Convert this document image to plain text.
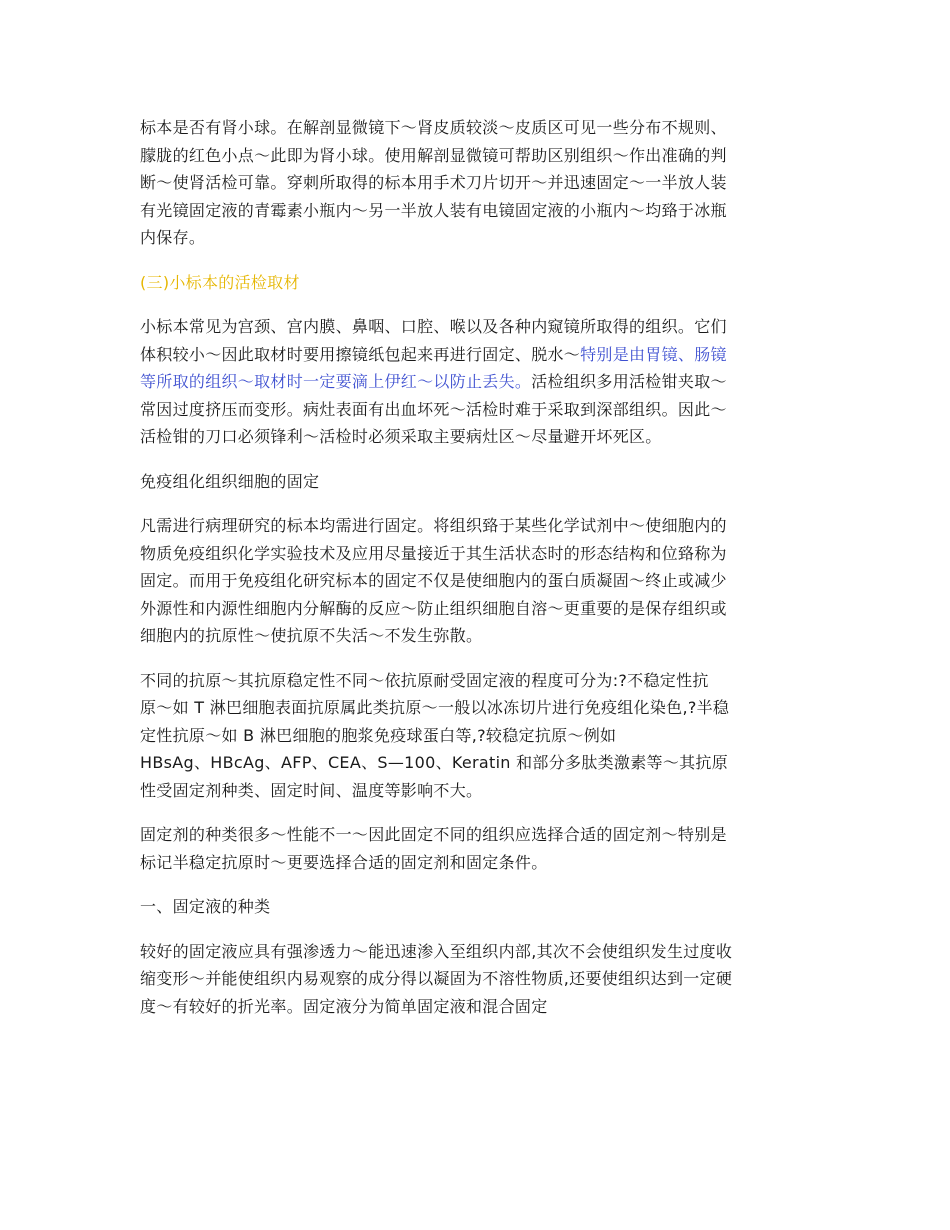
标本是否有肾小球。在解剖显微镜下～肾皮质较淡～皮质区可见一些分布不规则、
朦胧的红色小点～此即为肾小球。使用解剖显微镜可帮助区别组织～作出准确的判
断～使肾活检可靠。穿刺所取得的标本用手术刀片切开～并迅速固定～一半放人装
有光镜固定液的青霉素小瓶内～另一半放人装有电镜固定液的小瓶内～均臵于冰瓶
内保存。

(三)小标本的活检取材

小标本常见为宫颈、宫内膜、鼻咽、口腔、喉以及各种内窥镜所取得的组织。它们
体积较小～因此取材时要用擦镜纸包起来再进行固定、脱水～特别是由胃镜、肠镜
等所取的组织～取材时一定要滴上伊红～以防止丢失。活检组织多用活检钳夹取～
常因过度挤压而变形。病灶表面有出血坏死～活检时难于采取到深部组织。因此～
活检钳的刀口必须锋利～活检时必须采取主要病灶区～尽量避开坏死区。

免疫组化组织细胞的固定

凡需进行病理研究的标本均需进行固定。将组织臵于某些化学试剂中～使细胞内的
物质免疫组织化学实验技术及应用尽量接近于其生活状态时的形态结构和位臵称为
固定。而用于免疫组化研究标本的固定不仅是使细胞内的蛋白质凝固～终止或减少
外源性和内源性细胞内分解酶的反应～防止组织细胞自溶～更重要的是保存组织或
细胞内的抗原性～使抗原不失活～不发生弥散。

不同的抗原～其抗原稳定性不同～依抗原耐受固定液的程度可分为:?不稳定性抗
原～如 T 淋巴细胞表面抗原属此类抗原～一般以冰冻切片进行免疫组化染色,?半稳
定性抗原～如 B 淋巴细胞的胞浆免疫球蛋白等,?较稳定抗原～例如
HBsAg、HBcAg、AFP、CEA、S—100、Keratin 和部分多肽类激素等～其抗原
性受固定剂种类、固定时间、温度等影响不大。

固定剂的种类很多～性能不一～因此固定不同的组织应选择合适的固定剂～特别是
标记半稳定抗原时～更要选择合适的固定剂和固定条件。

一、固定液的种类

较好的固定液应具有强渗透力～能迅速渗入至组织内部,其次不会使组织发生过度收
缩变形～并能使组织内易观察的成分得以凝固为不溶性物质,还要使组织达到一定硬
度～有较好的折光率。固定液分为简单固定液和混合固定
